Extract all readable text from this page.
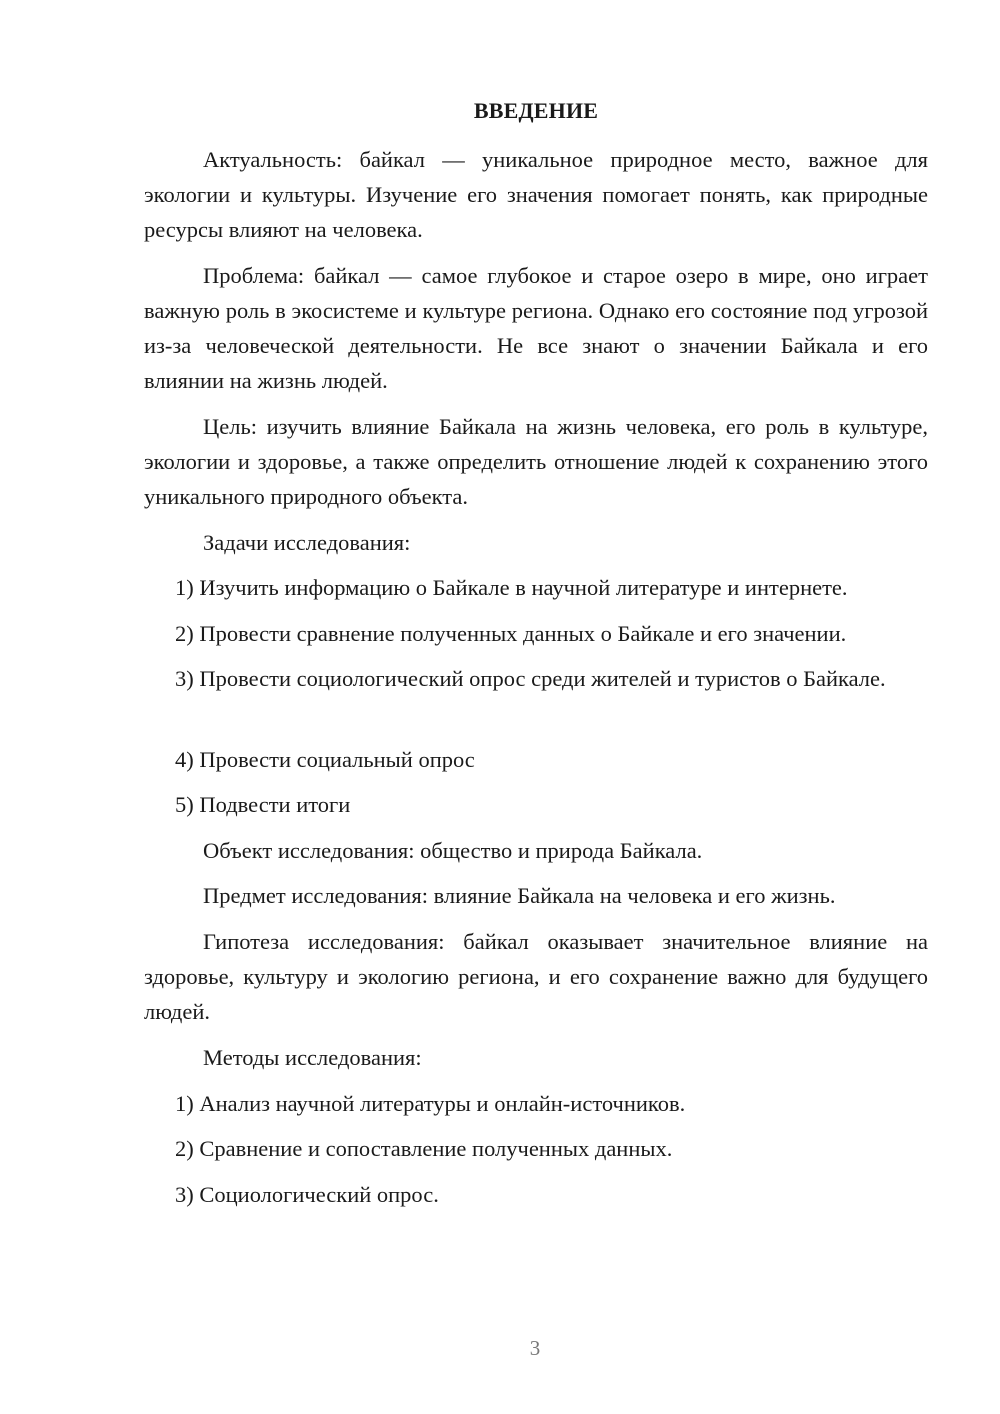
ВВЕДЕНИЕ

Актуальность: байкал — уникальное природное место, важное для экологии и культуры. Изучение его значения помогает понять, как природные ресурсы влияют на человека.

Проблема: байкал — самое глубокое и старое озеро в мире, оно играет важную роль в экосистеме и культуре региона. Однако его состояние под угрозой из-за человеческой деятельности. Не все знают о значении Байкала и его влиянии на жизнь людей.

Цель: изучить влияние Байкала на жизнь человека, его роль в культуре, экологии и здоровье, а также определить отношение людей к сохранению этого уникального природного объекта.

Задачи исследования:

1) Изучить информацию о Байкале в научной литературе и интернете.

2) Провести сравнение полученных данных о Байкале и его значении.

3) Провести социологический опрос среди жителей и туристов о Байкале.

4) Провести социальный опрос

5) Подвести итоги

Объект исследования: общество и природа Байкала.

Предмет исследования: влияние Байкала на человека и его жизнь.

Гипотеза исследования: байкал оказывает значительное влияние на здоровье, культуру и экологию региона, и его сохранение важно для будущего людей.

Методы исследования:

1) Анализ научной литературы и онлайн-источников.

2) Сравнение и сопоставление полученных данных.

3) Социологический опрос.

3
